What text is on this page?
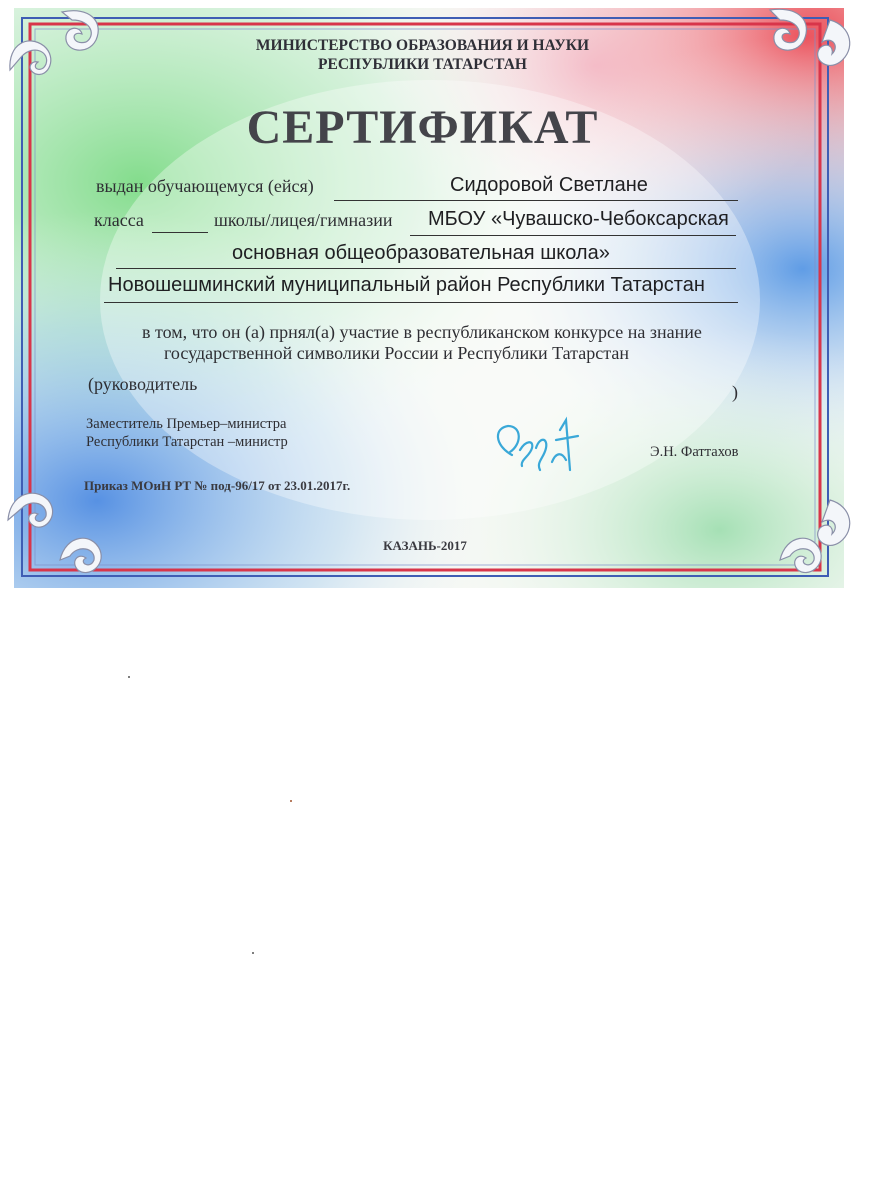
МИНИСТЕРСТВО ОБРАЗОВАНИЯ И НАУКИ
РЕСПУБЛИКИ ТАТАРСТАН
СЕРТИФИКАТ
выдан обучающемуся (ейся)	Сидоровой Светлане
класса	школы/лицея/гимназии МБОУ «Чувашско-Чебоксарская
основная общеобразовательная школа»
Новошешминский муниципальный район Республики Татарстан
в том, что он (а) прнял(а) участие в республиканском конкурсе на знание
государственной символики России и Республики Татарстан
(руководитель	)
Заместитель Премьер–министра
Республики Татарстан –министр
Э.Н. Фаттахов
Приказ МОиН РТ № под-96/17 от 23.01.2017г.
КАЗАНЬ-2017
